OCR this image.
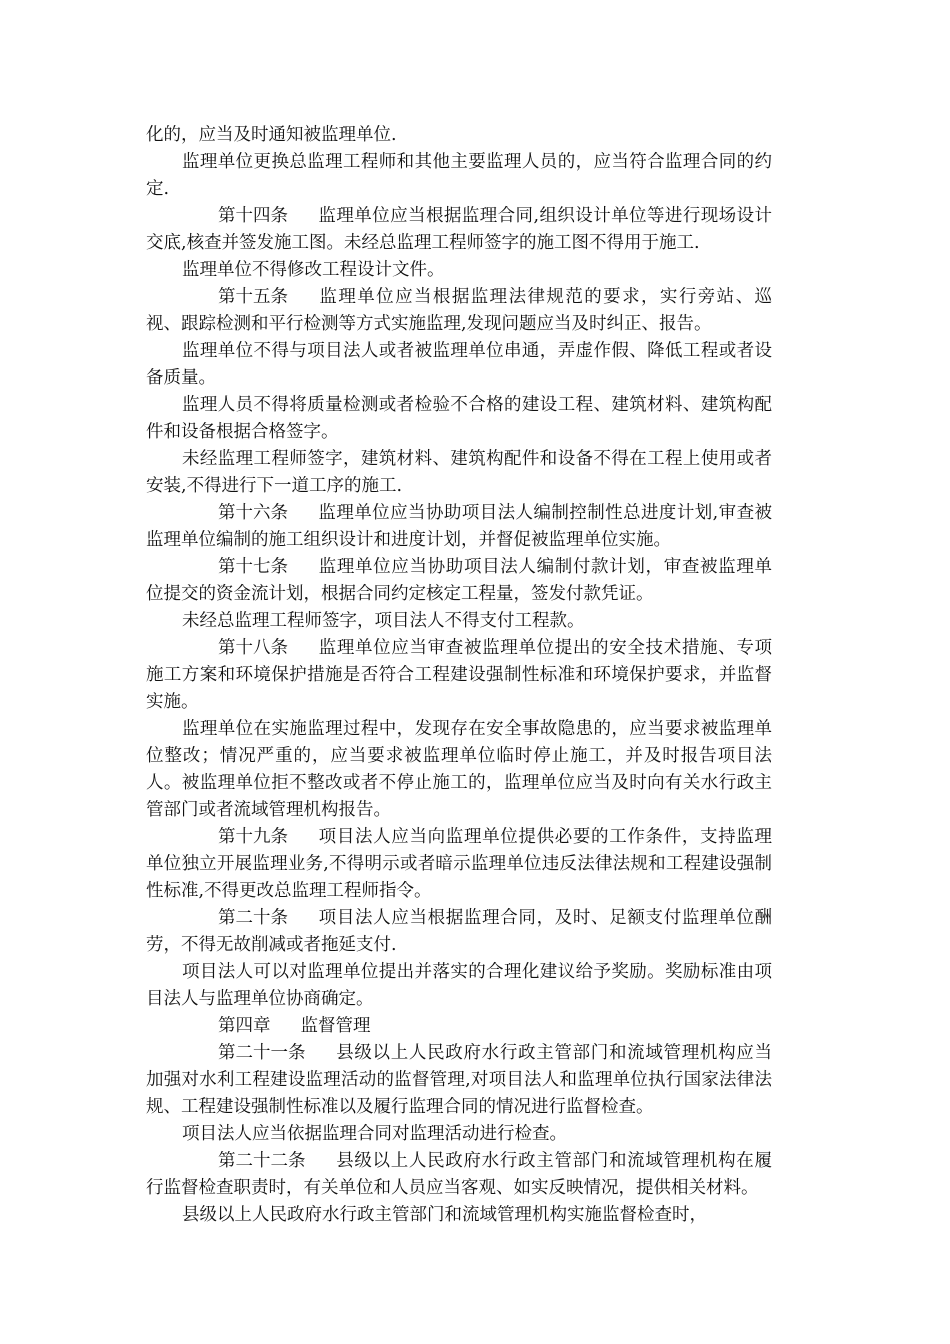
化的，应当及时通知被监理单位.

监理单位更换总监理工程师和其他主要监理人员的，应当符合监理合同的约定.

第十四条 监理单位应当根据监理合同,组织设计单位等进行现场设计交底,核查并签发施工图。未经总监理工程师签字的施工图不得用于施工.

监理单位不得修改工程设计文件。

第十五条 监理单位应当根据监理法律规范的要求，实行旁站、巡视、跟踪检测和平行检测等方式实施监理,发现问题应当及时纠正、报告。

监理单位不得与项目法人或者被监理单位串通，弄虚作假、降低工程或者设备质量。

监理人员不得将质量检测或者检验不合格的建设工程、建筑材料、建筑构配件和设备根据合格签字。

未经监理工程师签字，建筑材料、建筑构配件和设备不得在工程上使用或者安装,不得进行下一道工序的施工.

第十六条 监理单位应当协助项目法人编制控制性总进度计划,审查被监理单位编制的施工组织设计和进度计划，并督促被监理单位实施。

第十七条 监理单位应当协助项目法人编制付款计划，审查被监理单位提交的资金流计划，根据合同约定核定工程量，签发付款凭证。

未经总监理工程师签字，项目法人不得支付工程款。

第十八条 监理单位应当审查被监理单位提出的安全技术措施、专项施工方案和环境保护措施是否符合工程建设强制性标准和环境保护要求，并监督实施。

监理单位在实施监理过程中，发现存在安全事故隐患的，应当要求被监理单位整改；情况严重的，应当要求被监理单位临时停止施工，并及时报告项目法人。被监理单位拒不整改或者不停止施工的，监理单位应当及时向有关水行政主管部门或者流域管理机构报告。

第十九条 项目法人应当向监理单位提供必要的工作条件，支持监理单位独立开展监理业务,不得明示或者暗示监理单位违反法律法规和工程建设强制性标准,不得更改总监理工程师指令。

第二十条 项目法人应当根据监理合同，及时、足额支付监理单位酬劳，不得无故削减或者拖延支付.

项目法人可以对监理单位提出并落实的合理化建议给予奖励。奖励标准由项目法人与监理单位协商确定。

第四章 监督管理

第二十一条 县级以上人民政府水行政主管部门和流域管理机构应当加强对水利工程建设监理活动的监督管理,对项目法人和监理单位执行国家法律法规、工程建设强制性标准以及履行监理合同的情况进行监督检查。

项目法人应当依据监理合同对监理活动进行检查。

第二十二条 县级以上人民政府水行政主管部门和流域管理机构在履行监督检查职责时，有关单位和人员应当客观、如实反映情况，提供相关材料。

县级以上人民政府水行政主管部门和流域管理机构实施监督检查时，
